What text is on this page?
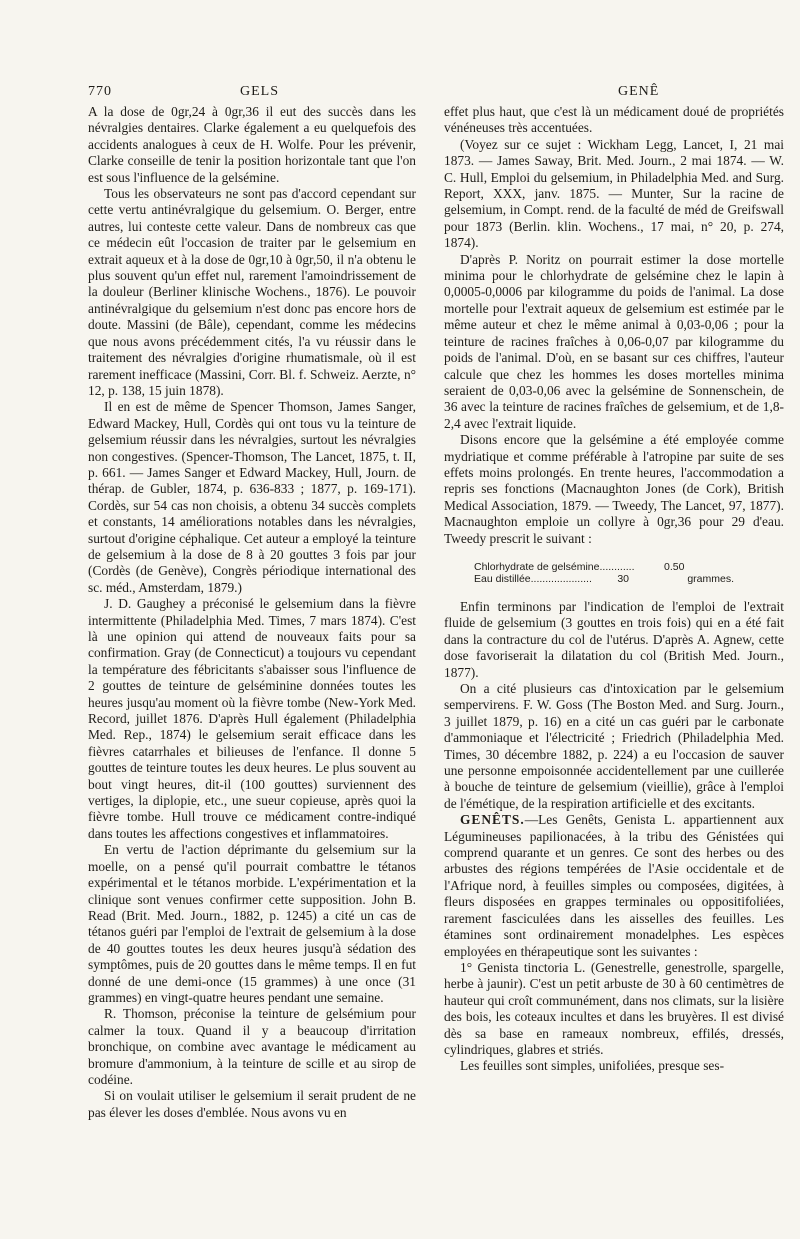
770	GELS	GENÊ

A la dose de 0gr,24 à 0gr,36 il eut des succès dans les névralgies dentaires. Clarke également a eu quelquefois des accidents analogues à ceux de H. Wolfe. Pour les prévenir, Clarke conseille de tenir la position horizontale tant que l'on est sous l'influence de la gelsémine.

Tous les observateurs ne sont pas d'accord cependant sur cette vertu antinévralgique du gelsemium. O. Berger, entre autres, lui conteste cette valeur. Dans de nombreux cas que ce médecin eût l'occasion de traiter par le gelsemium en extrait aqueux et à la dose de 0gr,10 à 0gr,50, il n'a obtenu le plus souvent qu'un effet nul, rarement l'amoindrissement de la douleur (Berliner klinische Wochens., 1876). Le pouvoir antinévralgique du gelsemium n'est donc pas encore hors de doute. Massini (de Bâle), cependant, comme les médecins que nous avons précédemment cités, l'a vu réussir dans le traitement des névralgies d'origine rhumatismale, où il est rarement inefficace (Massini, Corr. Bl. f. Schweiz. Aerzte, n° 12, p. 138, 15 juin 1878).

Il en est de même de Spencer Thomson, James Sanger, Edward Mackey, Hull, Cordès qui ont tous vu la teinture de gelsemium réussir dans les névralgies, surtout les névralgies non congestives. (Spencer-Thomson, The Lancet, 1875, t. II, p. 661. — James Sanger et Edward Mackey, Hull, Journ. de thérap. de Gubler, 1874, p. 636-833 ; 1877, p. 169-171). Cordès, sur 54 cas non choisis, a obtenu 34 succès complets et constants, 14 améliorations notables dans les névralgies, surtout d'origine céphalique. Cet auteur a employé la teinture de gelsemium à la dose de 8 à 20 gouttes 3 fois par jour (Cordès (de Genève), Congrès périodique international des sc. méd., Amsterdam, 1879.)

J. D. Gaughey a préconisé le gelsemium dans la fièvre intermittente (Philadelphia Med. Times, 7 mars 1874). C'est là une opinion qui attend de nouveaux faits pour sa confirmation. Gray (de Connecticut) a toujours vu cependant la température des fébricitants s'abaisser sous l'influence de 2 gouttes de teinture de gelséminine données toutes les heures jusqu'au moment où la fièvre tombe (New-York Med. Record, juillet 1876. D'après Hull également (Philadelphia Med. Rep., 1874) le gelsemium serait efficace dans les fièvres catarrhales et bilieuses de l'enfance. Il donne 5 gouttes de teinture toutes les deux heures. Le plus souvent au bout vingt heures, dit-il (100 gouttes) surviennent des vertiges, la diplopie, etc., une sueur copieuse, après quoi la fièvre tombe. Hull trouve ce médicament contre-indiqué dans toutes les affections congestives et inflammatoires.

En vertu de l'action déprimante du gelsemium sur la moelle, on a pensé qu'il pourrait combattre le tétanos expérimental et le tétanos morbide. L'expérimentation et la clinique sont venues confirmer cette supposition. John B. Read (Brit. Med. Journ., 1882, p. 1245) a cité un cas de tétanos guéri par l'emploi de l'extrait de gelsemium à la dose de 40 gouttes toutes les deux heures jusqu'à sédation des symptômes, puis de 20 gouttes dans le même temps. Il en fut donné de une demi-once (15 grammes) à une once (31 grammes) en vingt-quatre heures pendant une semaine.

R. Thomson, préconise la teinture de gelsémium pour calmer la toux. Quand il y a beaucoup d'irritation bronchique, on combine avec avantage le médicament au bromure d'ammonium, à la teinture de scille et au sirop de codéine.

Si on voulait utiliser le gelsemium il serait prudent de ne pas élever les doses d'emblée. Nous avons vu en

effet plus haut, que c'est là un médicament doué de propriétés vénéneuses très accentuées.

(Voyez sur ce sujet : Wickham Legg, Lancet, I, 21 mai 1873. — James Saway, Brit. Med. Journ., 2 mai 1874. — W. C. Hull, Emploi du gelsemium, in Philadelphia Med. and Surg. Report, XXX, janv. 1875. — Munter, Sur la racine de gelsemium, in Compt. rend. de la faculté de méd de Greifswall pour 1873 (Berlin. klin. Wochens., 17 mai, n° 20, p. 274, 1874).

D'après P. Noritz on pourrait estimer la dose mortelle minima pour le chlorhydrate de gelsémine chez le lapin à 0,0005-0,0006 par kilogramme du poids de l'animal. La dose mortelle pour l'extrait aqueux de gelsemium est estimée par le même auteur et chez le même animal à 0,03-0,06 ; pour la teinture de racines fraîches à 0,06-0,07 par kilogramme du poids de l'animal. D'où, en se basant sur ces chiffres, l'auteur calcule que chez les hommes les doses mortelles minima seraient de 0,03-0,06 avec la gelsémine de Sonnenschein, de 36 avec la teinture de racines fraîches de gelsemium, et de 1,8-2,4 avec l'extrait liquide.

Disons encore que la gelsémine a été employée comme mydriatique et comme préférable à l'atropine par suite de ses effets moins prolongés. En trente heures, l'accommodation a repris ses fonctions (Macnaughton Jones (de Cork), British Medical Association, 1879. — Tweedy, The Lancet, 97, 1877). Macnaughton emploie un collyre à 0gr,36 pour 29 d'eau. Tweedy prescrit le suivant :

Chlorhydrate de gelsémine............	0.50
Eau distillée.....................	30	grammes.

Enfin terminons par l'indication de l'emploi de l'extrait fluide de gelsemium (3 gouttes en trois fois) qui en a été fait dans la contracture du col de l'utérus. D'après A. Agnew, cette dose favoriserait la dilatation du col (British Med. Journ., 1877).

On a cité plusieurs cas d'intoxication par le gelsemium sempervirens. F. W. Goss (The Boston Med. and Surg. Journ., 3 juillet 1879, p. 16) en a cité un cas guéri par le carbonate d'ammoniaque et l'électricité ; Friedrich (Philadelphia Med. Times, 30 décembre 1882, p. 224) a eu l'occasion de sauver une personne empoisonnée accidentellement par une cuillerée à bouche de teinture de gelsemium (vieillie), grâce à l'emploi de l'émétique, de la respiration artificielle et des excitants.

GENÊTS.—Les Genêts, Genista L. appartiennent aux Légumineuses papilionacées, à la tribu des Génistées qui comprend quarante et un genres. Ce sont des herbes ou des arbustes des régions tempérées de l'Asie occidentale et de l'Afrique nord, à feuilles simples ou composées, digitées, à fleurs disposées en grappes terminales ou oppositifoliées, rarement fasciculées dans les aisselles des feuilles. Les étamines sont ordinairement monadelphes. Les espèces employées en thérapeutique sont les suivantes :

1° Genista tinctoria L. (Genestrelle, genestrolle, spargelle, herbe à jaunir). C'est un petit arbuste de 30 à 60 centimètres de hauteur qui croît communément, dans nos climats, sur la lisière des bois, les coteaux incultes et dans les bruyères. Il est divisé dès sa base en rameaux nombreux, effilés, dressés, cylindriques, glabres et striés.

Les feuilles sont simples, unifoliées, presque ses-
